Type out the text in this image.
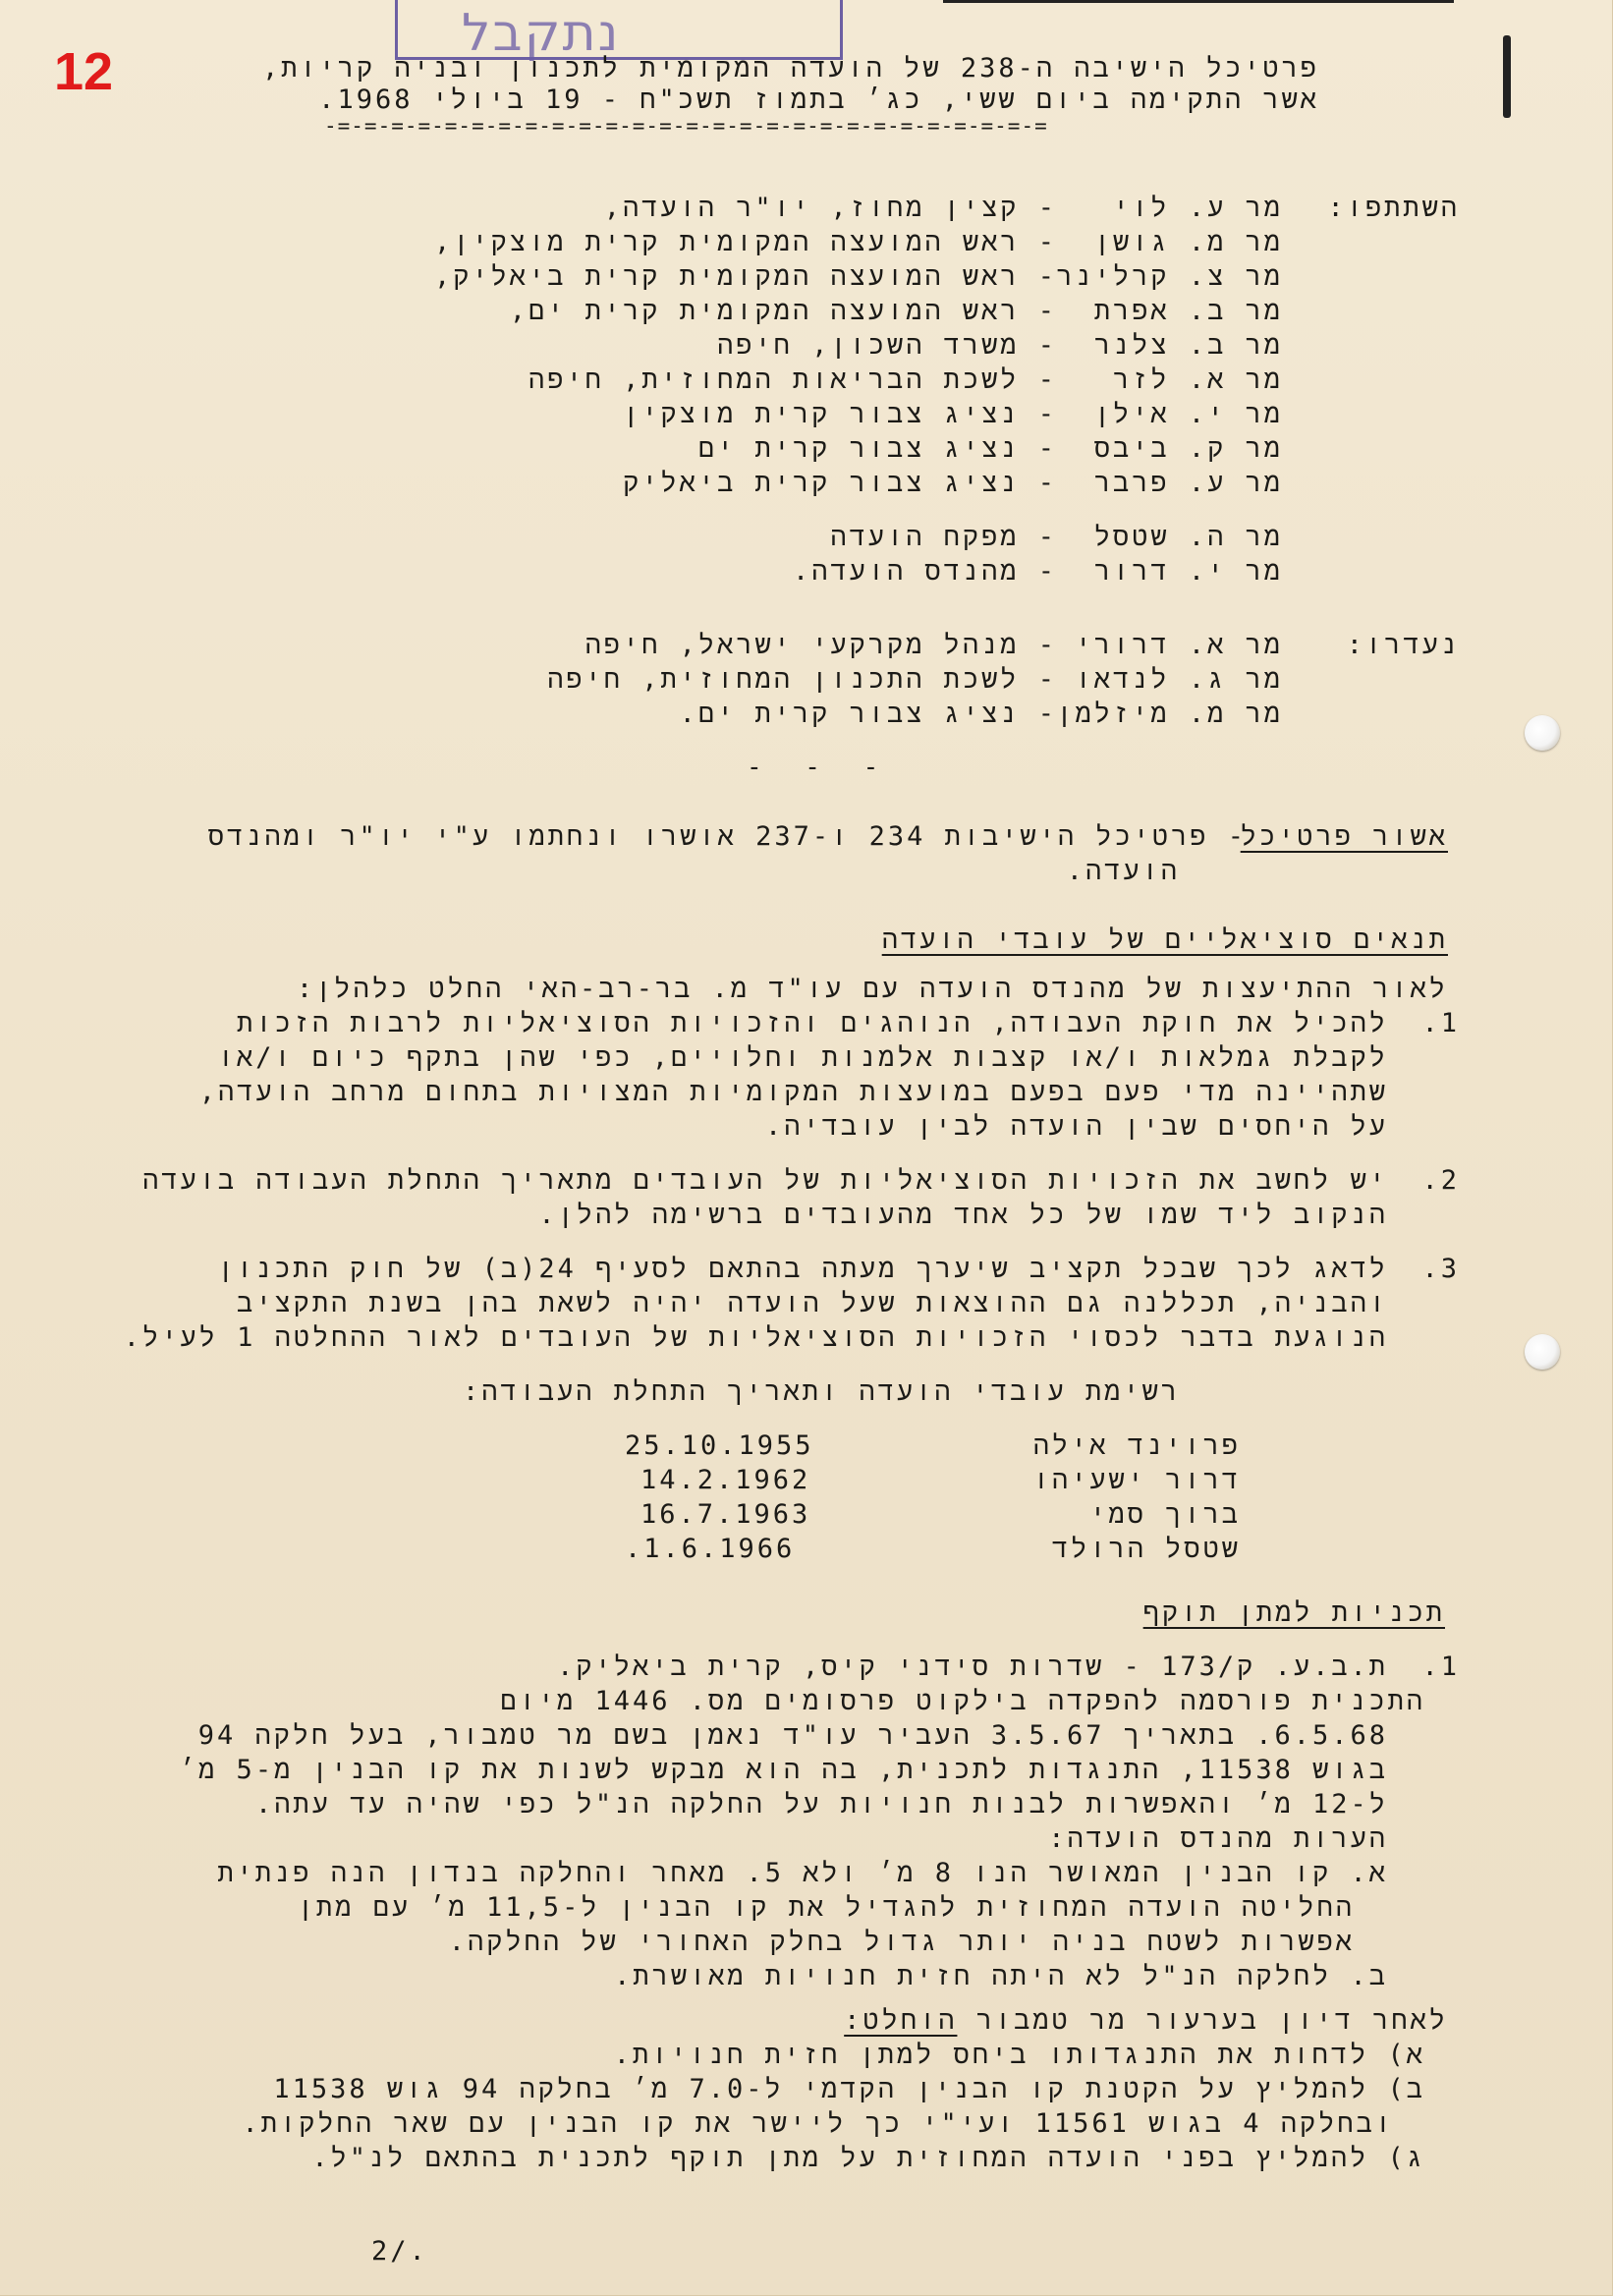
נתקבל
12	פרטיכל הישיבה ה-238 של הועדה המקומית לתכנון ובניה קריות,
אשר התקימה ביום ששי, כג׳ בתמוז תשכ"ח - 19 ביולי 1968.
-=-=-=-=-=-=-=-=-=-=-=-=-=-=-=-=-=-=-=-=-=-=-=-=-=-=-=
השתתפו:
מר ע. לוי
- קצין מחוז, יו"ר הועדה,
מר מ. גושן
- ראש המועצה המקומית קרית מוצקין,
מר צ. קרלינר
- ראש המועצה המקומית קרית ביאליק,
מר ב. אפרת
- ראש המועצה המקומית קרית ים,
מר ב. צלנר
- משרד השכון, חיפה
מר א. לזר
- לשכת הבריאות המחוזית, חיפה
מר י. אילן
- נציג צבור קרית מוצקין
מר ק. ביבס
- נציג צבור קרית ים
מר ע. פרבר
- נציג צבור קרית ביאליק
מר ה. שטסל
- מפקח הועדה
מר י. דרור
- מהנדס הועדה.
נעדרו:
מר א. דרורי
- מנהל מקרקעי ישראל, חיפה
מר ג. לנדאו
- לשכת התכנון המחוזית, חיפה
מר מ. מיזלמן
- נציג צבור קרית ים.
- - -
אשור פרטיכל
- פרטיכל הישיבות 234 ו-237 אושרו ונחתמו ע"י יו"ר ומהנדס
הועדה.
תנאים סוציאליים של עובדי הועדה
לאור ההתיעצות של מהנדס הועדה עם עו"ד מ. בר-רב-האי החלט כלהלן:
1.
להכיל את חוקת העבודה, הנוהגים והזכויות הסוציאליות לרבות הזכות
לקבלת גמלאות ו/או קצבות אלמנות וחלויים, כפי שהן בתקף כיום ו/או
שתהיינה מדי פעם בפעם במועצות המקומיות המצויות בתחום מרחב הועדה,
על היחסים שבין הועדה לבין עובדיה.
2.
יש לחשב את הזכויות הסוציאליות של העובדים מתאריך התחלת העבודה בועדה
הנקוב ליד שמו של כל אחד מהעובדים ברשימה להלן.
3.
לדאג לכך שבכל תקציב שיערך מעתה בהתאם לסעיף 24(ב) של חוק התכנון
והבניה, תכללנה גם ההוצאות שעל הועדה יהיה לשאת בהן בשנת התקציב
הנוגעת בדבר לכסוי הזכויות הסוציאליות של העובדים לאור ההחלטה 1 לעיל.
רשימת עובדי הועדה ותאריך התחלת העבודה:
פרוינד אילה
25.10.1955
דרור ישעיהו
14.2.1962
ברוך סמי
16.7.1963
שטסל הרולד
.1.6.1966
תכניות למתן תוקף
1.
ת.ב.ע. ק/173 - שדרות סידני קיס, קרית ביאליק.
התכנית פורסמה להפקדה בילקוט פרסומים מס. 1446 מיום
6.5.68. בתאריך 3.5.67 העביר עו"ד נאמן בשם מר טמבור, בעל חלקה 94
בגוש 11538, התנגדות לתכנית, בה הוא מבקש לשנות את קו הבנין מ-5 מ׳
ל-12 מ׳ והאפשרות לבנות חנויות על החלקה הנ"ל כפי שהיה עד עתה.
הערות מהנדס הועדה:
א. קו הבנין המאושר הנו 8 מ׳ ולא 5. מאחר והחלקה בנדון הנה פנתית
החליטה הועדה המחוזית להגדיל את קו הבנין ל-11,5 מ׳ עם מתן
אפשרות לשטח בניה יותר גדול בחלק האחורי של החלקה.
ב. לחלקה הנ"ל לא היתה חזית חנויות מאושרת.
לאחר דיון בערעור מר טמבור הוחלט:
א) לדחות את התנגדותו ביחס למתן חזית חנויות.
ב) להמליץ על הקטנת קו הבנין הקדמי ל-7.0 מ׳ בחלקה 94 גוש 11538
ובחלקה 4 בגוש 11561 ועי"י כך ליישר את קו הבנין עם שאר החלקות.
ג) להמליץ בפני הועדה המחוזית על מתן תוקף לתכנית בהתאם לנ"ל.
2/.
